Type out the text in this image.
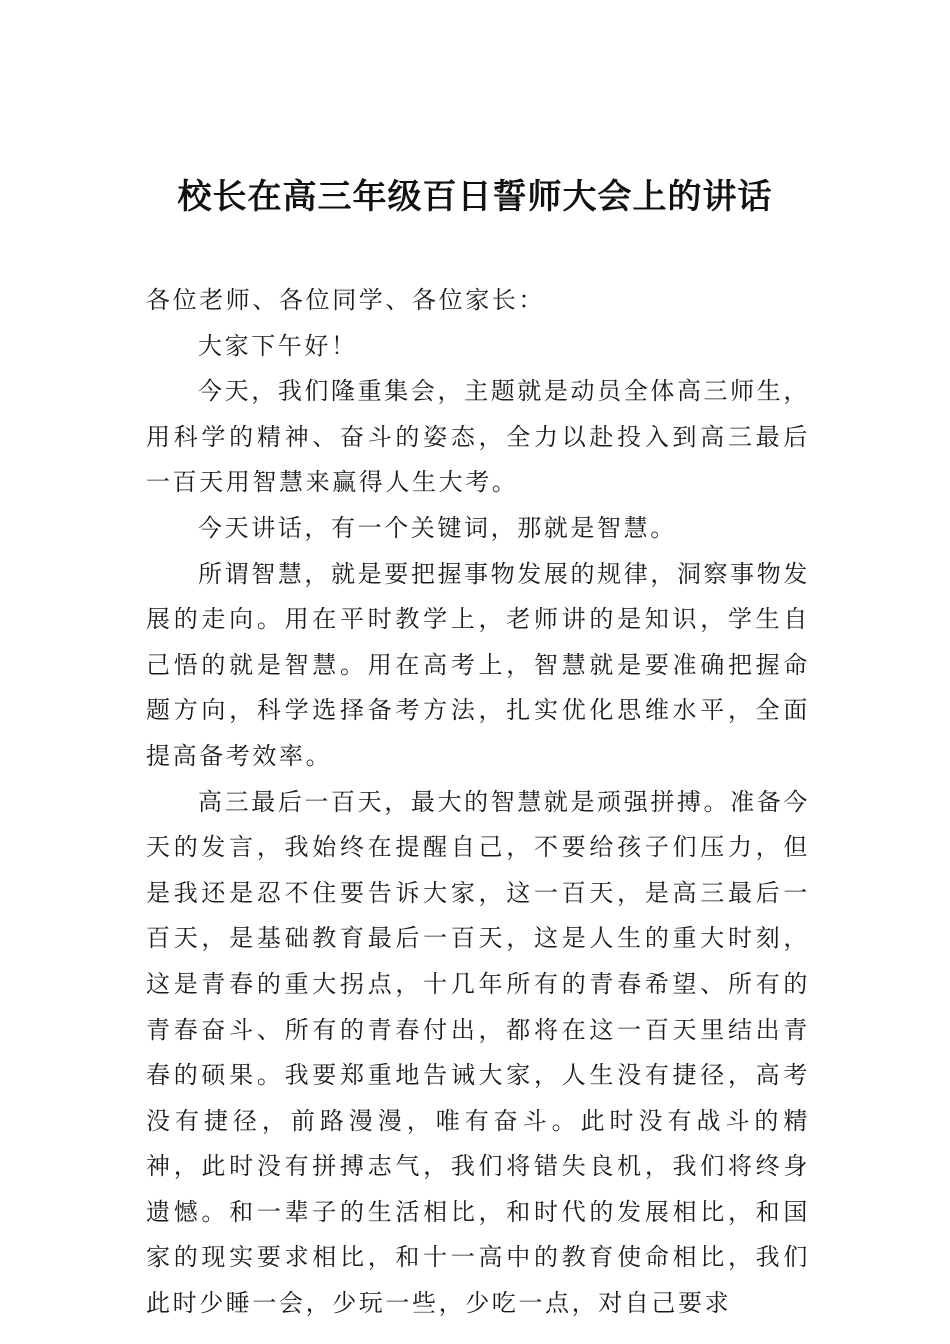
校长在高三年级百日誓师大会上的讲话

各位老师、各位同学、各位家长：

大家下午好！

今天，我们隆重集会，主题就是动员全体高三师生，用科学的精神、奋斗的姿态，全力以赴投入到高三最后一百天用智慧来赢得人生大考。

今天讲话，有一个关键词，那就是智慧。

所谓智慧，就是要把握事物发展的规律，洞察事物发展的走向。用在平时教学上，老师讲的是知识，学生自己悟的就是智慧。用在高考上，智慧就是要准确把握命题方向，科学选择备考方法，扎实优化思维水平，全面提高备考效率。

高三最后一百天，最大的智慧就是顽强拼搏。准备今天的发言，我始终在提醒自己，不要给孩子们压力，但是我还是忍不住要告诉大家，这一百天，是高三最后一百天，是基础教育最后一百天，这是人生的重大时刻，这是青春的重大拐点，十几年所有的青春希望、所有的青春奋斗、所有的青春付出，都将在这一百天里结出青春的硕果。我要郑重地告诫大家，人生没有捷径，高考没有捷径，前路漫漫，唯有奋斗。此时没有战斗的精神，此时没有拼搏志气，我们将错失良机，我们将终身遗憾。和一辈子的生活相比，和时代的发展相比，和国家的现实要求相比，和十一高中的教育使命相比，我们此时少睡一会，少玩一些，少吃一点，对自己要求
